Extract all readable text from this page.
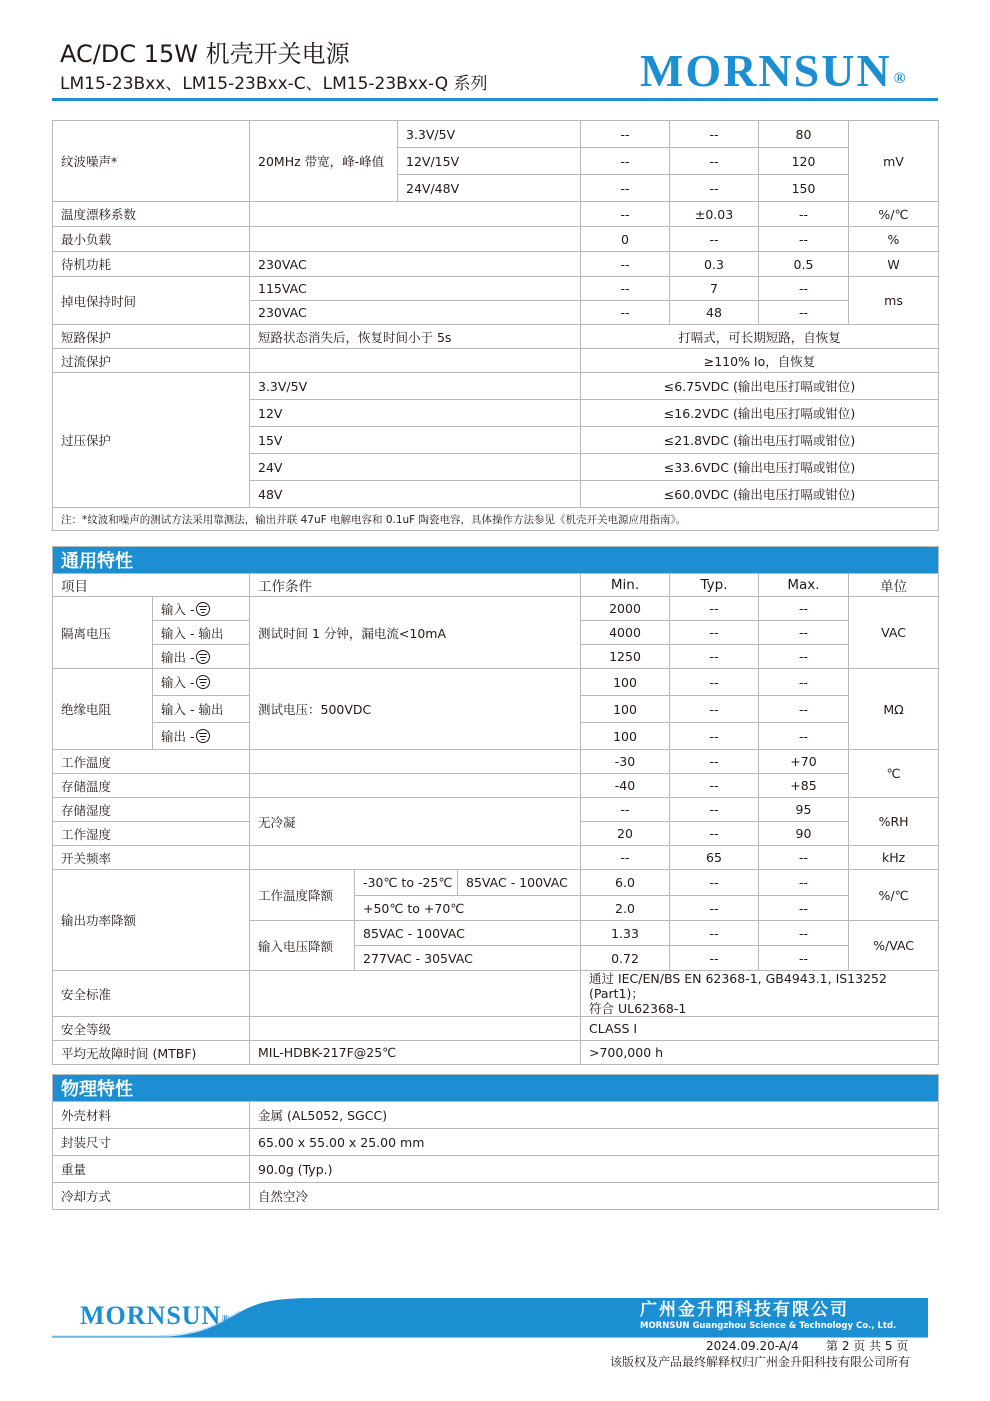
AC/DC 15W 机壳开关电源
LM15-23Bxx、LM15-23Bxx-C、LM15-23Bxx-Q 系列	MORNSUN ®
纹波噪声*	20MHz 带宽，峰-峰值	3.3V/5V	--	--	80	mV
		12V/15V	--	--	120	
		24V/48V	--	--	150	
温度漂移系数			--	±0.03	--	%/℃
最小负载			0	--	--	%
待机功耗	230VAC		--	0.3	0.5	W
掉电保持时间	115VAC		--	7	--	ms
	230VAC		--	48	--	
短路保护	短路状态消失后，恢复时间小于 5s		打嗝式，可长期短路，自恢复			
过流保护			≥110% Io，自恢复			
过压保护	3.3V/5V		≤6.75VDC (输出电压打嗝或钳位)			
	12V		≤16.2VDC (输出电压打嗝或钳位)			
	15V		≤21.8VDC (输出电压打嗝或钳位)			
	24V		≤33.6VDC (输出电压打嗝或钳位)			
	48V		≤60.0VDC (输出电压打嗝或钳位)			
注：*纹波和噪声的测试方法采用靠测法，输出并联 47uF 电解电容和 0.1uF 陶瓷电容，具体操作方法参见《机壳开关电源应用指南》。						
通用特性								
项目		工作条件			Min.	Typ.	Max.	单位
隔离电压	输入 -	测试时间 1 分钟，漏电流<10mA			2000	--	--	VAC
	输入 - 输出				4000	--	--	
	输出 -				1250	--	--	
绝缘电阻	输入 -	测试电压：500VDC			100	--	--	MΩ
	输入 - 输出				100	--	--	
	输出 -				100	--	--	
工作温度					-30	--	+70	℃
存储温度					-40	--	+85	
存储湿度		无冷凝			--	--	95	%RH
工作湿度					20	--	90	
开关频率					--	65	--	kHz
输出功率降额		工作温度降额	-30℃ to -25℃	85VAC - 100VAC	6.0	--	--	%/℃
			+50℃ to +70℃		2.0	--	--	
		输入电压降额	85VAC - 100VAC		1.33	--	--	%/VAC
			277VAC - 305VAC		0.72	--	--	
安全标准					通过 IEC/EN/BS EN 62368-1, GB4943.1, IS13252 (Part1)；
符合 UL62368-1			

安全等级					CLASS I			
平均无故障时间 (MTBF)		MIL-HDBK-217F@25℃			>700,000 h			
物理特性	
外壳材料	金属 (AL5052, SGCC)
封装尺寸	65.00 x 55.00 x 25.00 mm
重量	90.0g (Typ.)
冷却方式	自然空冷
MORNSUN®	广州金升阳科技有限公司
MORNSUN Guangzhou Science & Technology Co., Ltd.
2024.09.20-A/4 第 2 页 共 5 页
该版权及产品最终解释权归广州金升阳科技有限公司所有
